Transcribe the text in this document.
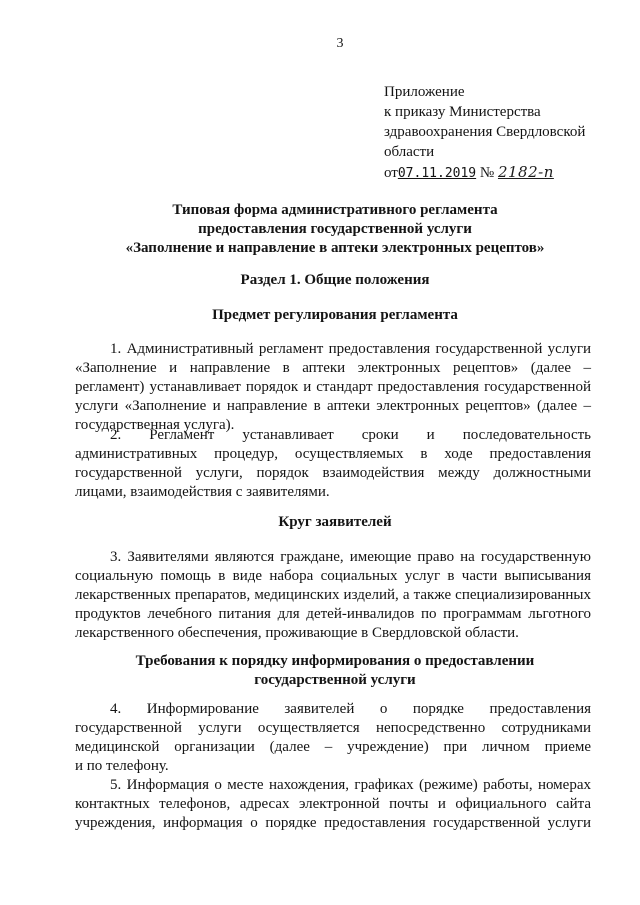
3
Приложение
к приказу Министерства
здравоохранения Свердловской
области
от07.11.2019 № 2182-п
Типовая форма административного регламента
предоставления государственной услуги
«Заполнение и направление в аптеки электронных рецептов»
Раздел 1. Общие положения
Предмет регулирования регламента
1. Административный регламент предоставления государственной услуги
«Заполнение и направление в аптеки электронных рецептов» (далее –
регламент) устанавливает порядок и стандарт предоставления государственной
услуги «Заполнение и направление в аптеки электронных рецептов» (далее –
государственная услуга).
2. Регламент устанавливает сроки и последовательность
административных процедур, осуществляемых в ходе предоставления
государственной услуги, порядок взаимодействия между должностными
лицами, взаимодействия с заявителями.
Круг заявителей
3. Заявителями являются граждане, имеющие право на государственную
социальную помощь в виде набора социальных услуг в части выписывания
лекарственных препаратов, медицинских изделий, а также специализированных
продуктов лечебного питания для детей-инвалидов по программам льготного
лекарственного обеспечения, проживающие в Свердловской области.
Требования к порядку информирования о предоставлении
государственной услуги
4. Информирование заявителей о порядке предоставления
государственной услуги осуществляется непосредственно сотрудниками
медицинской организации (далее – учреждение) при личном приеме
и по телефону.
5. Информация о месте нахождения, графиках (режиме) работы, номерах
контактных телефонов, адресах электронной почты и официального сайта
учреждения, информация о порядке предоставления государственной услуги
